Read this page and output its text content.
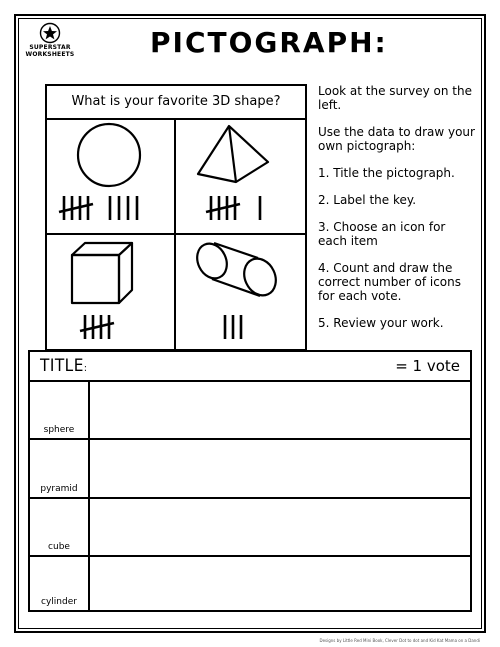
SUPERSTAR
WORKSHEETS	PICTOGRAPH:
What is your favorite 3D shape?

Look at the survey on the left.

Use the data to draw your own pictograph:

1. Title the pictograph.

2. Label the key.

3. Choose an icon for each item

4. Count and draw the correct number of icons for each vote.

5. Review your work.

TITLE:	= 1 vote
sphere
pyramid
cube
cylinder
Designs by Little Red Mini Book, Clever Dot to dot and Kid Kat Mama on a Dandi
